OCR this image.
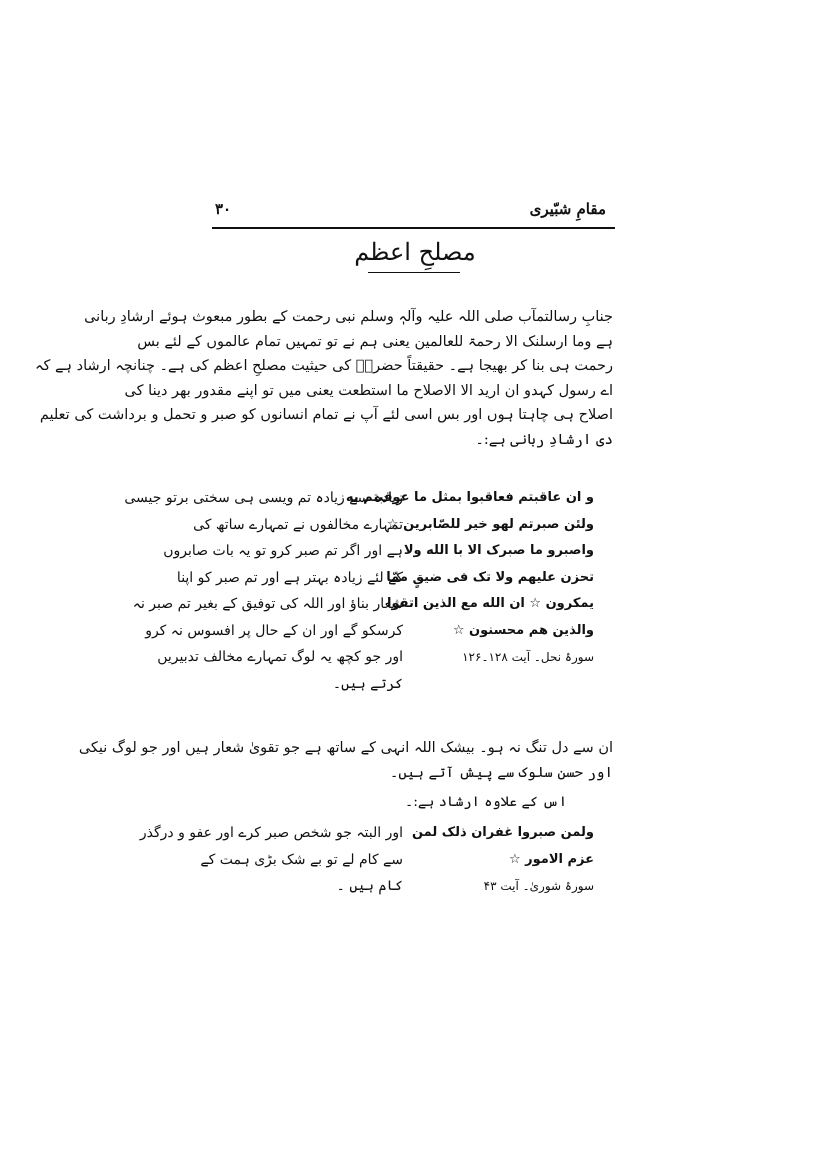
مقامِ شبّیری
۳۰
مصلحِ اعظم
جنابِ رسالتمآب صلی اللہ علیہ وآلہٖ وسلم نبی رحمت کے بطور مبعوث ہوئے ارشادِ ربانی
ہے وما ارسلنک الا رحمۃ للعالمین یعنی ہم نے تو تمہیں تمام عالموں کے لئے بس
رحمت ہی بنا کر بھیجا ہے۔ حقیقتاً حضرتؐ کی حیثیت مصلحِ اعظم کی ہے۔ چنانچہ ارشاد ہے کہ
اے رسول کہدو ان ارید الا الاصلاح ما استطعت یعنی میں تو اپنے مقدور بھر دینا کی
اصلاح ہی چاہتا ہوں اور بس اسی لئے آپ نے تمام انسانوں کو صبر و تحمل و برداشت کی تعلیم
دی ارشادِ ربانی ہے:۔
و ان عاقبتم فعاقبوا بمثل ما عوقبتم به
ولئن صبرتم لهو خير للصّابرين ☆
واصبرو ما صبرک الا با الله ولا
تحزن عليهم ولا تک فی ضيقٍ ممّا
يمکرون ☆ ان الله مع الذين اتقوا
والذين هم محسنون ☆
سورۂ نحل۔ آیت ۱۲۸۔۱۲۶
زیادہ سے زیادہ تم ویسی ہی سختی برتو جیسی
تمہارے مخالفوں نے تمہارے ساتھ کی
ہے اور اگر تم صبر کرو تو یہ بات صابروں
کے لئے زیادہ بہتر ہے اور تم صبر کو اپنا
شعار بناؤ اور اللہ کی توفیق کے بغیر تم صبر نہ
کرسکو گے اور ان کے حال پر افسوس نہ کرو
اور جو کچھ یہ لوگ تمہارے مخالف تدبیریں
کرتے ہیں۔
ان سے دل تنگ نہ ہو۔ بیشک اللہ انہی کے ساتھ ہے جو تقویٰ شعار ہیں اور جو لوگ نیکی
اور حسن سلوک سے پیش آتے ہیں۔
اس کے علاوہ ارشاد ہے:۔
ولمن صبروا غفران ذلک لمن
عزم الامور ☆
سورۂ شوریٰ۔ آیت ۴۳
اور البتہ جو شخص صبر کرے اور عفو و درگذر
سے کام لے تو بے شک بڑی ہمت کے
کام ہیں ۔
